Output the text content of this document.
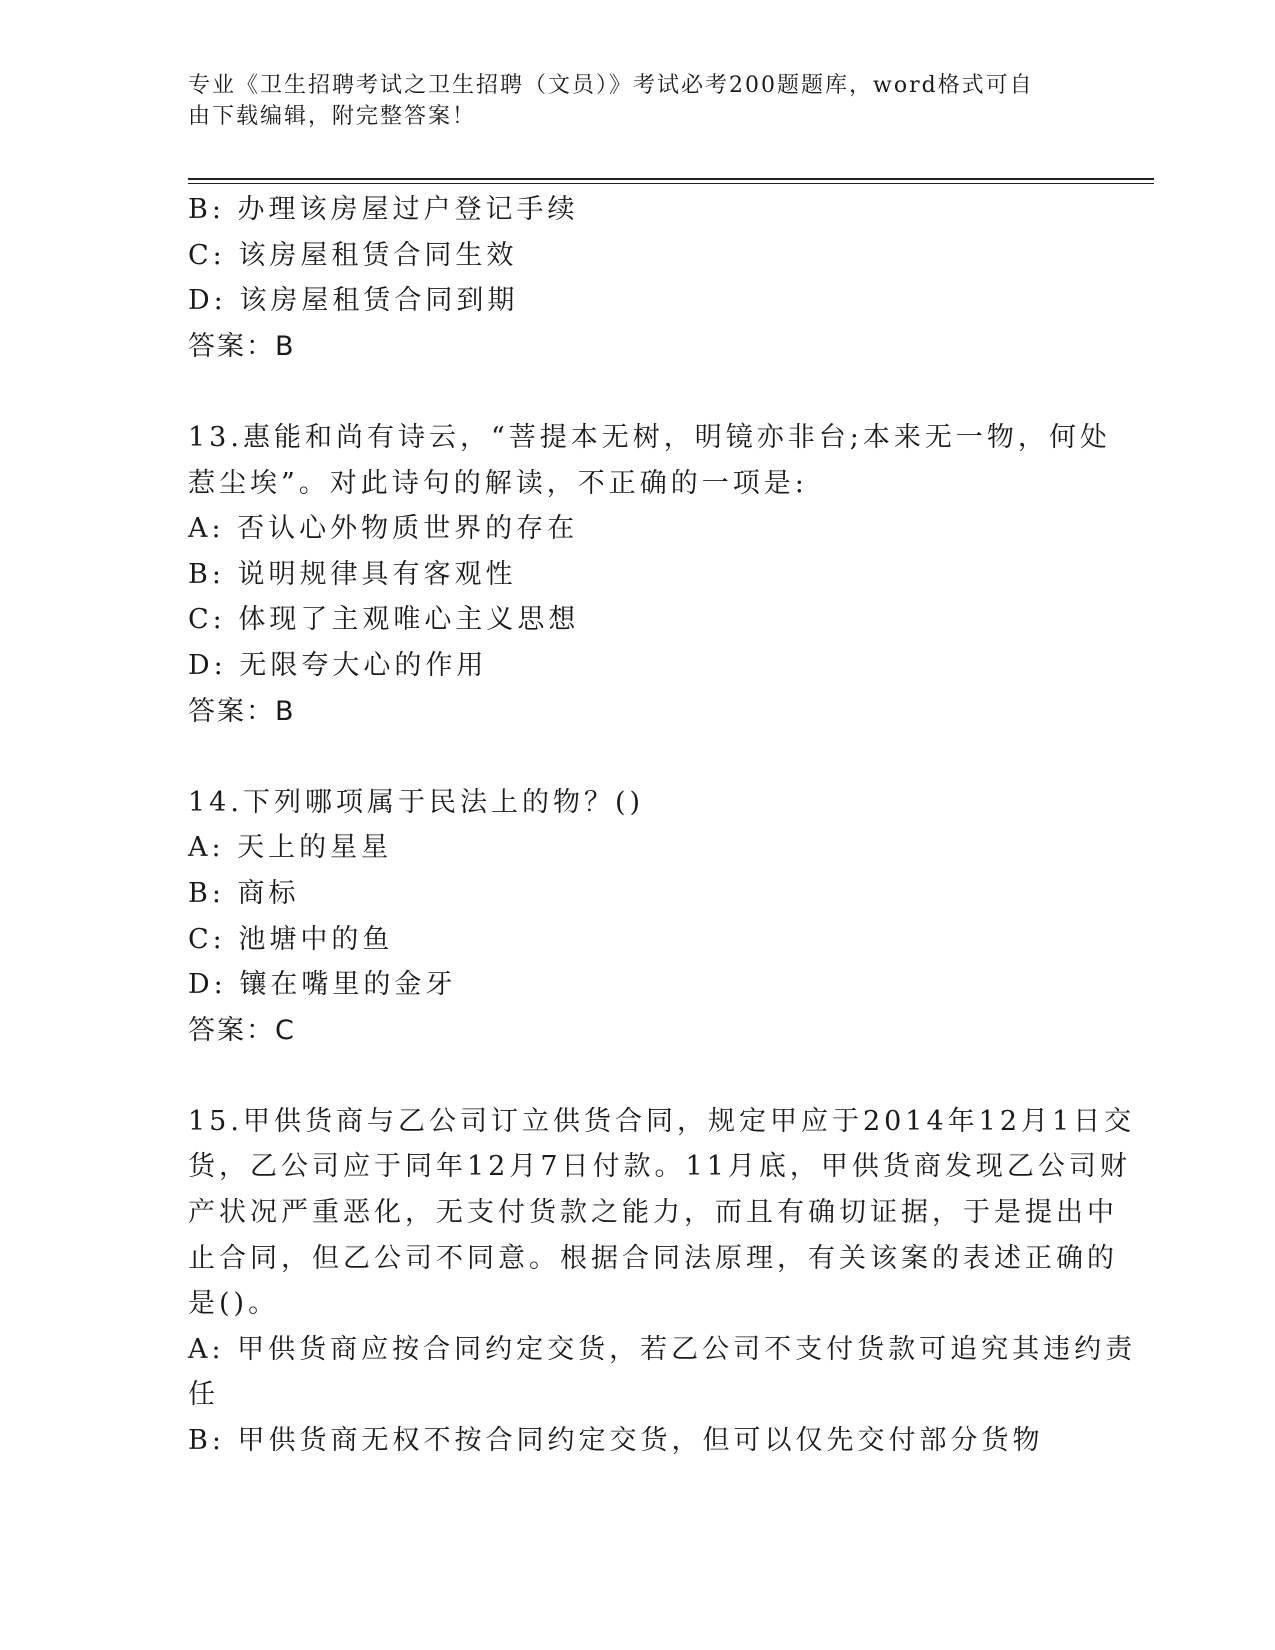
专业《卫生招聘考试之卫生招聘（文员）》考试必考200题题库，word格式可自
由下载编辑，附完整答案！
B: 办理该房屋过户登记手续
C: 该房屋租赁合同生效
D: 该房屋租赁合同到期
答案：B
13.惠能和尚有诗云，“菩提本无树，明镜亦非台;本来无一物，何处
惹尘埃”。对此诗句的解读，不正确的一项是:
A: 否认心外物质世界的存在
B: 说明规律具有客观性
C: 体现了主观唯心主义思想
D: 无限夸大心的作用
答案：B
14.下列哪项属于民法上的物？()
A: 天上的星星
B: 商标
C: 池塘中的鱼
D: 镶在嘴里的金牙
答案：C
15.甲供货商与乙公司订立供货合同，规定甲应于2014年12月1日交
货，乙公司应于同年12月7日付款。11月底，甲供货商发现乙公司财
产状况严重恶化，无支付货款之能力，而且有确切证据，于是提出中
止合同，但乙公司不同意。根据合同法原理，有关该案的表述正确的
是()。
A: 甲供货商应按合同约定交货，若乙公司不支付货款可追究其违约责
任
B: 甲供货商无权不按合同约定交货，但可以仅先交付部分货物
